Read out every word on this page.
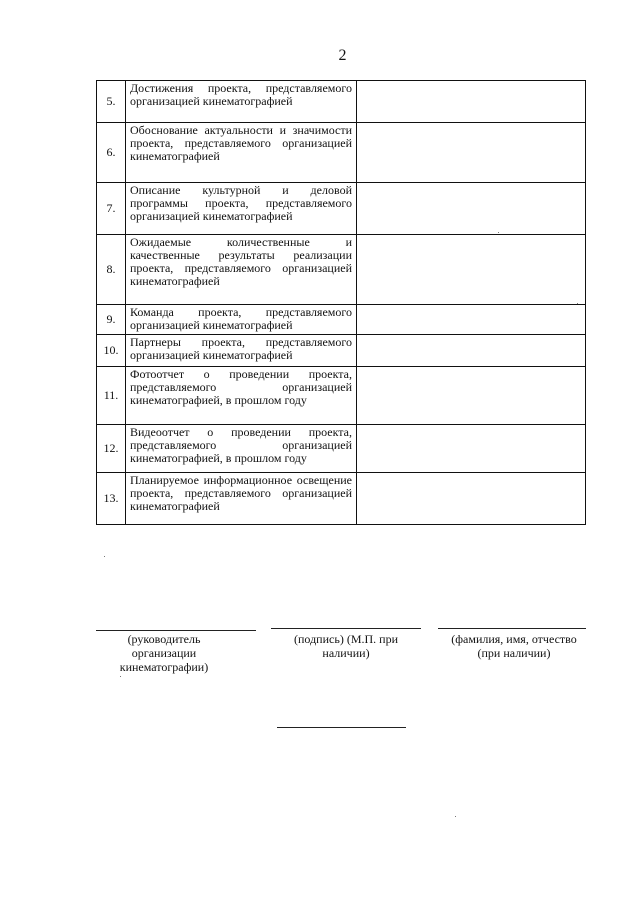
2
5.	Достижения проекта, представляемого организацией кинематографией	
6.	Обоснование актуальности и значимости проекта, представляемого организацией кинематографией	
7.	Описание культурной и деловой программы проекта, представляемого организацией кинематографией	
8.	Ожидаемые количественные и качественные результаты реализации проекта, представляемого организацией кинематографией	
9.	Команда проекта, представляемого организацией кинематографией	
10.	Партнеры проекта, представляемого организацией кинематографией	
11.	Фотоотчет о проведении проекта, представляемого организацией кинематографией, в прошлом году	
12.	Видеоотчет о проведении проекта, представляемого организацией кинематографией, в прошлом году	
13.	Планируемое информационное освещение проекта, представляемого организацией кинематографией	
(руководитель организации кинематографии)
(подпись) (М.П. при наличии)
(фамилия, имя, отчество (при наличии)
